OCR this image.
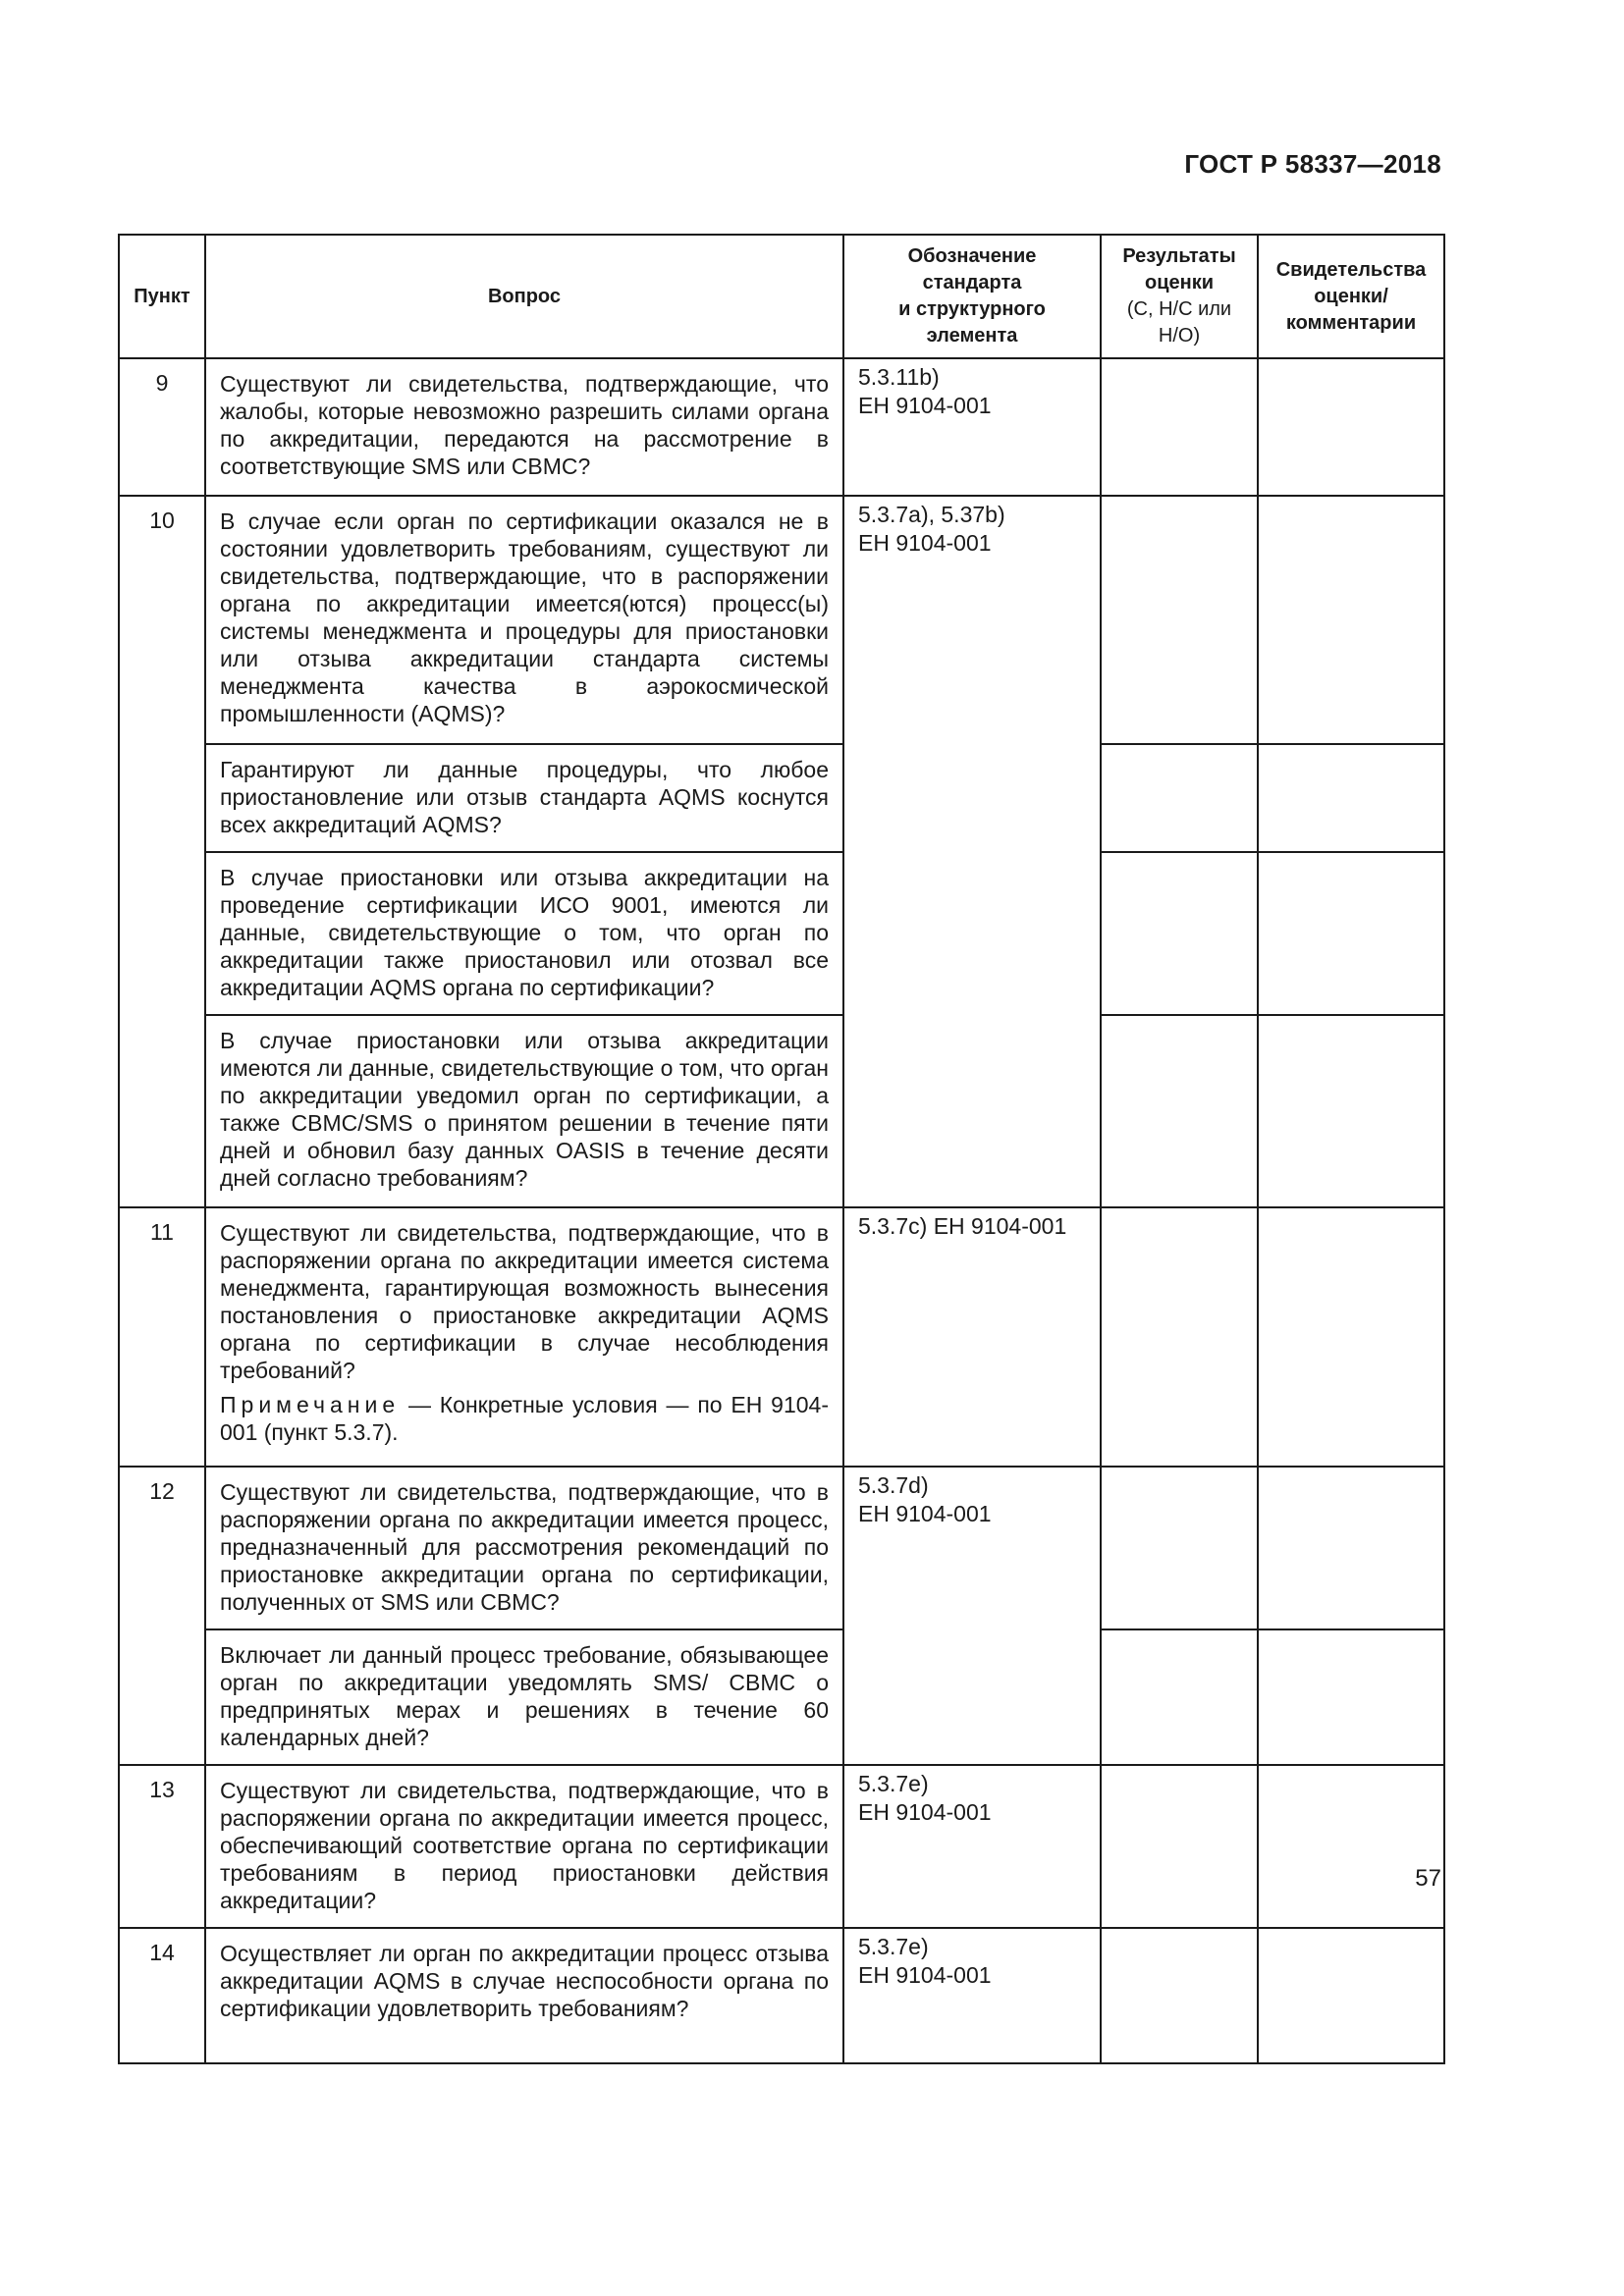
ГОСТ Р 58337—2018
Пункт	Вопрос	Обозначение
стандарта
и структурного
элемента	Результаты
оценки
(С, Н/С или
Н/О)	Свидетельства
оценки/
комментарии
9	Существуют ли свидетельства, подтверждающие, что жалобы, которые невозможно разрешить силами органа по аккредитации, передаются на рассмотрение в соответствующие SMS или CBMC?	5.3.11b)
ЕН 9104-001		
10	В случае если орган по сертификации оказался не в состоянии удовлетворить требованиям, существуют ли свидетельства, подтверждающие, что в распоряжении органа по аккредитации имеется(ются) процесс(ы) системы менеджмента и процедуры для приостановки или отзыва аккредитации стандарта системы менеджмента качества в аэрокосмической промышленности (AQMS)?	5.3.7a), 5.37b)
ЕН 9104-001		
	Гарантируют ли данные процедуры, что любое приостановление или отзыв стандарта AQMS коснутся всех аккредитаций AQMS?			
	В случае приостановки или отзыва аккредитации на проведение сертификации ИСО 9001, имеются ли данные, свидетельствующие о том, что орган по аккредитации также приостановил или отозвал все аккредитации AQMS органа по сертификации?			
	В случае приостановки или отзыва аккредитации имеются ли данные, свидетельствующие о том, что орган по аккредитации уведомил орган по сертификации, а также CBMC/SMS о принятом решении в течение пяти дней и обновил базу данных OASIS в течение десяти дней согласно требованиям?			
11	Существуют ли свидетельства, подтверждающие, что в распоряжении органа по аккредитации имеется система менеджмента, гарантирующая возможность вынесения постановления о приостановке аккредитации AQMS органа по сертификации в случае несоблюдения требований?

Примечание — Конкретные условия — по ЕН 9104-001 (пункт 5.3.7).	5.3.7c) ЕН 9104-001		
12	Существуют ли свидетельства, подтверждающие, что в распоряжении органа по аккредитации имеется процесс, предназначенный для рассмотрения рекомендаций по приостановке аккредитации органа по сертификации, полученных от SMS или CBMC?	5.3.7d)
ЕН 9104-001		
	Включает ли данный процесс требование, обязывающее орган по аккредитации уведомлять SMS/ CBMC о предпринятых мерах и решениях в течение 60 календарных дней?			
13	Существуют ли свидетельства, подтверждающие, что в распоряжении органа по аккредитации имеется процесс, обеспечивающий соответствие органа по сертификации требованиям в период приостановки действия аккредитации?	5.3.7e)
ЕН 9104-001		
14	Осуществляет ли орган по аккредитации процесс отзыва аккредитации AQMS в случае неспособности органа по сертификации удовлетворить требованиям?	5.3.7e)
ЕН 9104-001		
57
